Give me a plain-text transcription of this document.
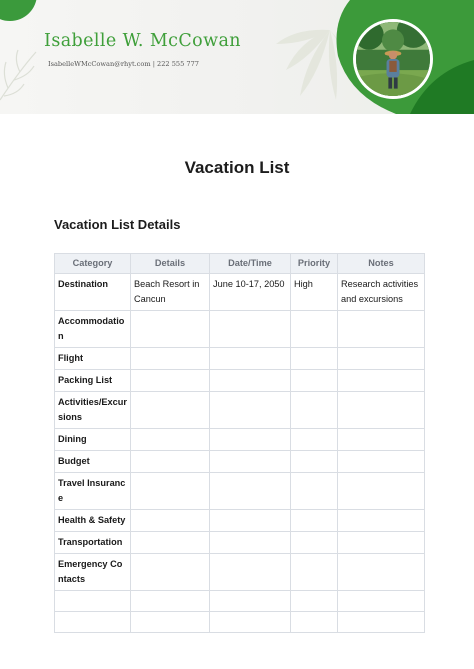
Isabelle W. McCowan
IsabelleWMcCowan@rhyt.com | 222 555 777
Vacation List
Vacation List Details
Category	Details	Date/Time	Priority	Notes
Destination	Beach Resort in Cancun	June 10-17, 2050	High	Research activities and excursions
Accommodation				
Flight				
Packing List				
Activities/Excursions				
Dining				
Budget				
Travel Insurance				
Health & Safety				
Transportation				
Emergency Contacts				
